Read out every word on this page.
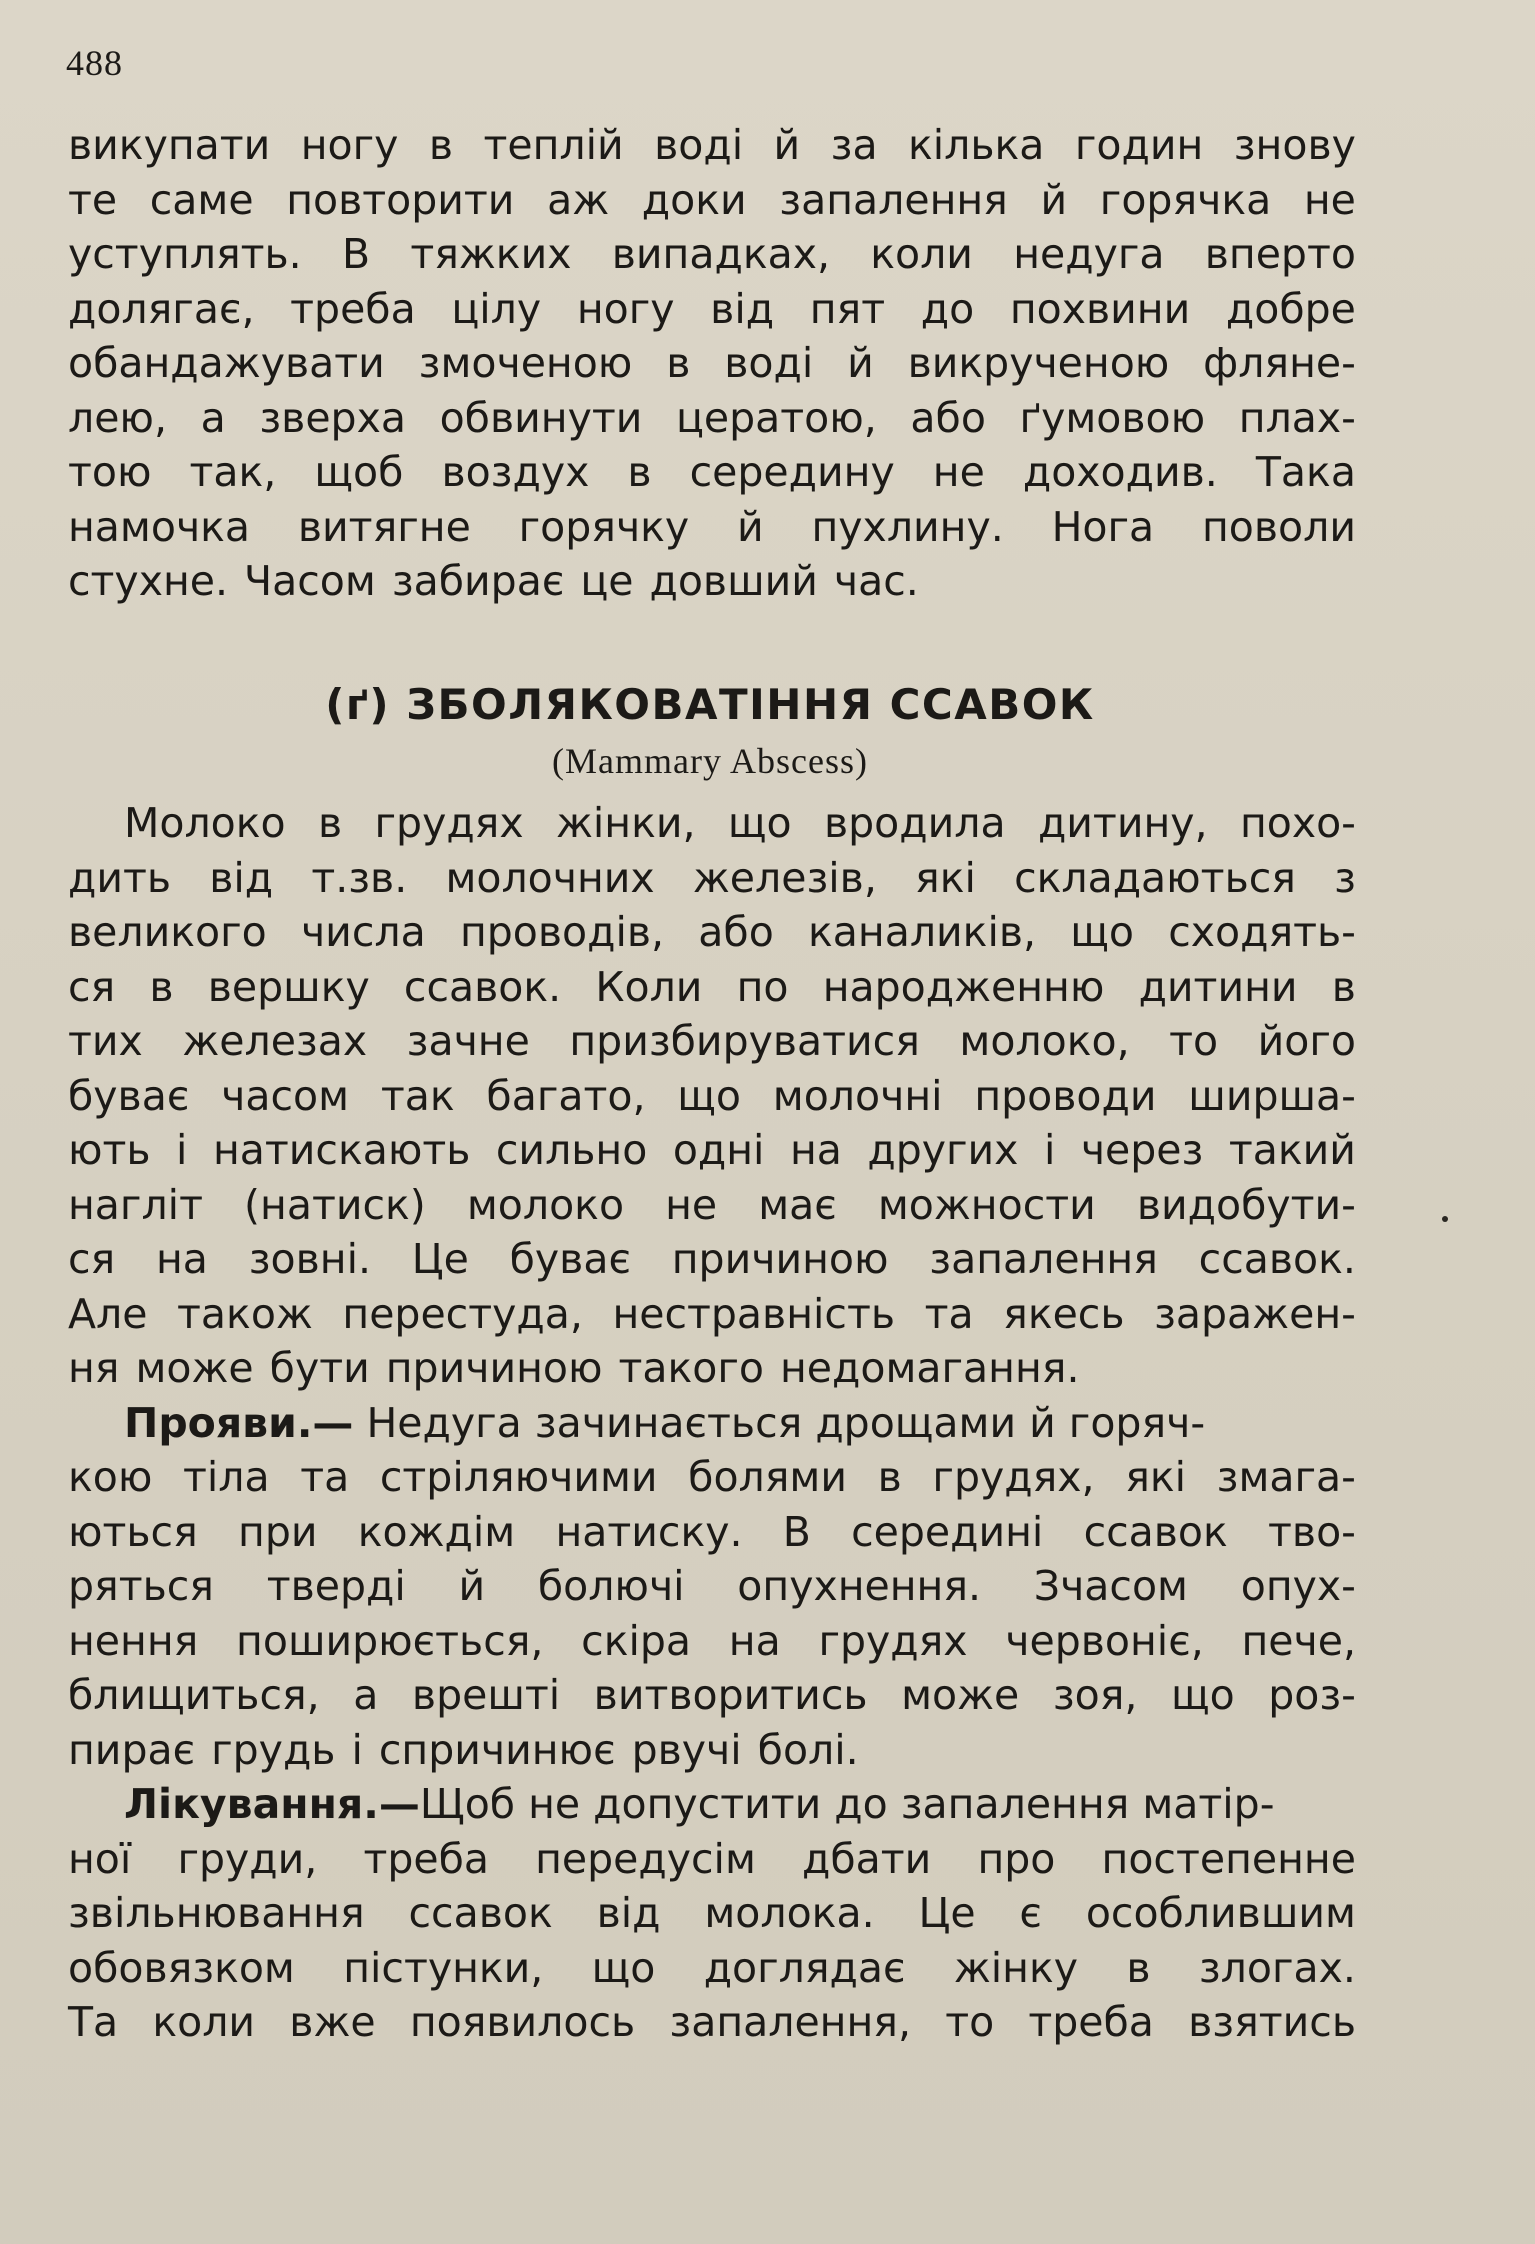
488
викупати ногу в теплій воді й за кілька годин знову
те саме повторити аж доки запалення й горячка не
уступлять. В тяжких випадках, коли недуга вперто
долягає, треба цілу ногу від пят до похвини добре
обандажувати змоченою в воді й викрученою фляне-
лею, а зверха обвинути цератою, або ґумовою плах-
тою так, щоб воздух в середину не доходив. Така
намочка витягне горячку й пухлину. Нога поволи
стухне. Часом забирає це довший час.
(ґ) ЗБОЛЯКОВАТІННЯ ССАВОК
(Mammary Abscess)
Молоко в грудях жінки, що вродила дитину, похо-
дить від т.зв. молочних железів, які складаються з
великого числа проводів, або каналиків, що сходять-
ся в вершку ссавок. Коли по народженню дитини в
тих железах зачне призбируватися молоко, то його
буває часом так багато, що молочні проводи ширша-
ють і натискають сильно одні на других і через такий
нагліт (натиск) молоко не має можности видобути-
ся на зовні. Це буває причиною запалення ссавок.
Але також перестуда, нестравність та якесь заражен-
ня може бути причиною такого недомагання.
Прояви.— Недуга зачинається дрощами й горяч-
кою тіла та стріляючими болями в грудях, які змага-
ються при кождім натиску. В середині ссавок тво-
ряться тверді й болючі опухнення. Зчасом опух-
нення поширюється, скіра на грудях червоніє, пече,
блищиться, а врешті витворитись може зоя, що роз-
пирає грудь і спричинює рвучі болі.
Лікування.— Щоб не допустити до запалення матір-
ної груди, треба передусім дбати про постепенне
звільнювання ссавок від молока. Це є особлившим
обовязком пістунки, що доглядає жінку в злогах.
Та коли вже появилось запалення, то треба взятись
